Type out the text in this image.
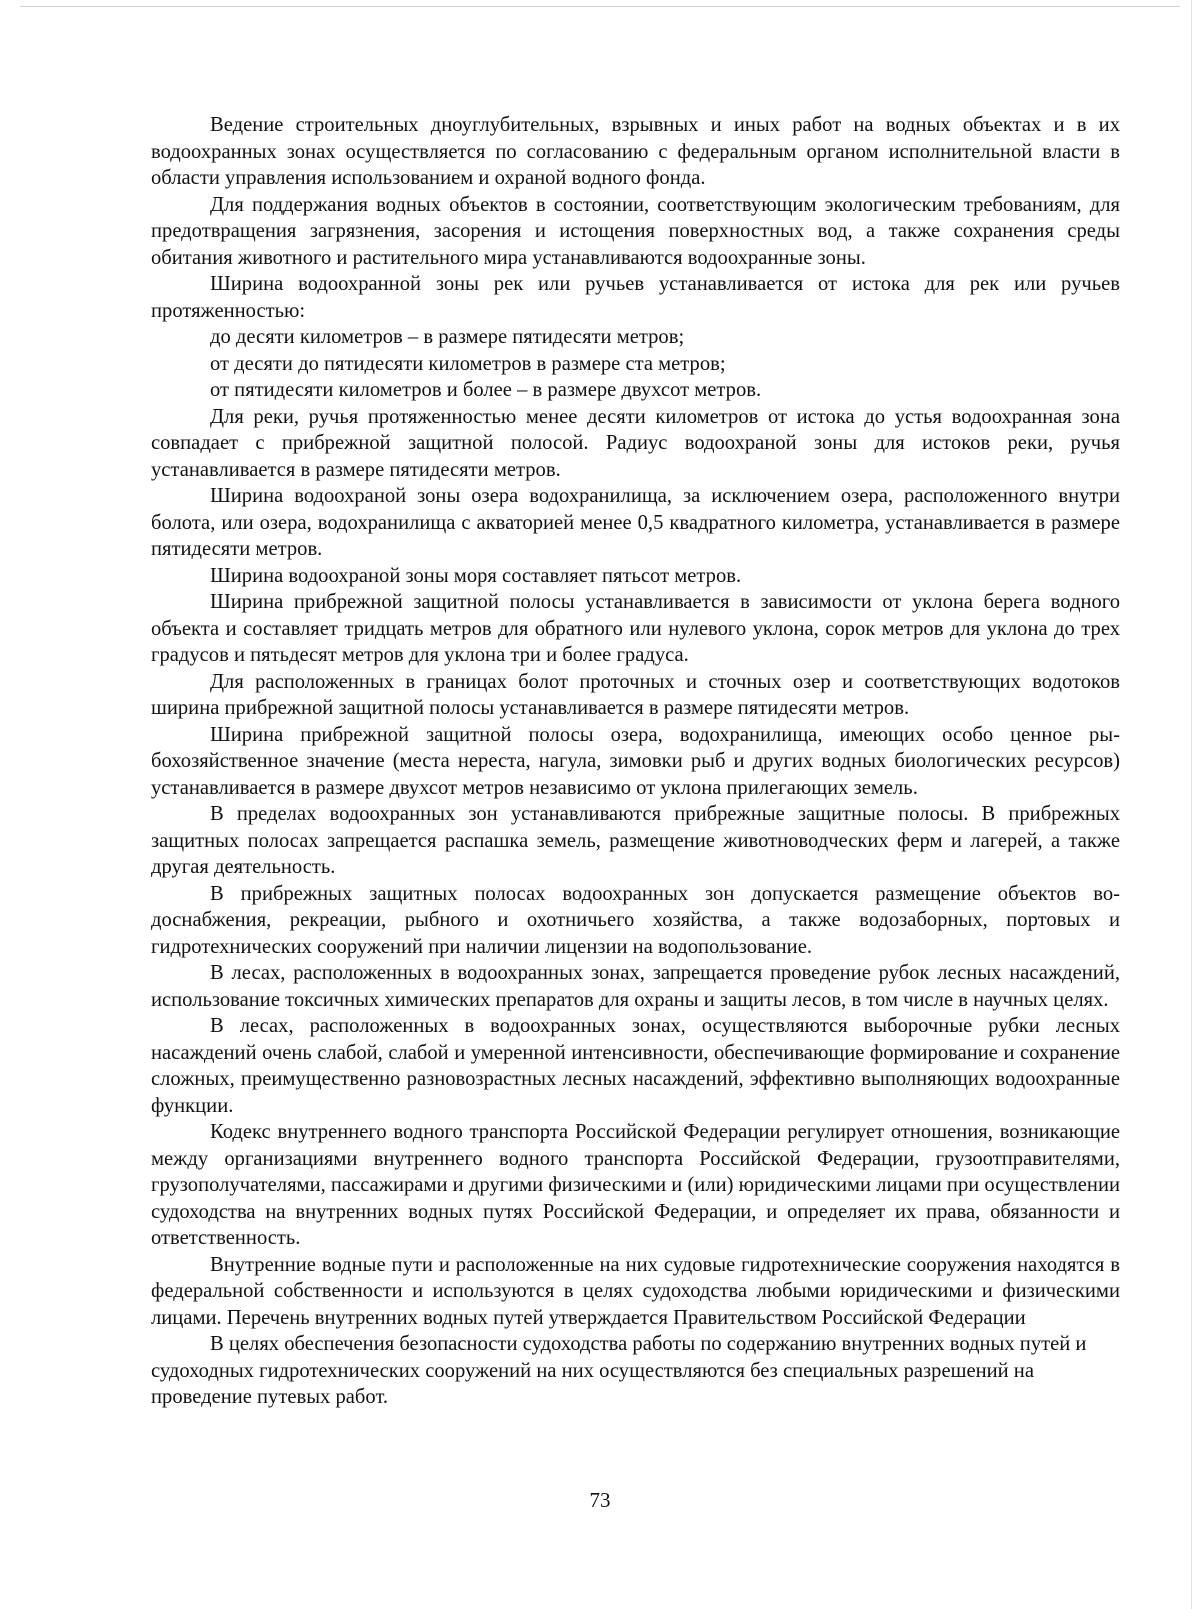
Ведение строительных дноуглубительных, взрывных и иных работ на водных объектах и в их водоохранных зонах осуществляется по согласованию с федеральным органом исполнительной власти в области управления использованием и охраной водного фонда.

Для поддержания водных объектов в состоянии, соответствующим экологическим требованиям, для предотвращения загрязнения, засорения и истощения поверхностных вод, а также сохранения среды обитания животного и растительного мира устанавливаются водоохранные зоны.

Ширина водоохранной зоны рек или ручьев устанавливается от истока для рек или ручьев протяженностью:

до десяти километров – в размере пятидесяти метров;

от десяти до пятидесяти километров в размере ста метров;

от пятидесяти километров и более – в размере двухсот метров.

Для реки, ручья протяженностью менее десяти километров от истока до устья водоохранная зона совпадает с прибрежной защитной полосой. Радиус водоохраной зоны для истоков реки, ручья устанавливается в размере пятидесяти метров.

Ширина водоохраной зоны озера водохранилища, за исключением озера, расположенного внутри болота, или озера, водохранилища с акваторией менее 0,5 квадратного километра, устанавливается в размере пятидесяти метров.

Ширина водоохраной зоны моря составляет пятьсот метров.

Ширина прибрежной защитной полосы устанавливается в зависимости от уклона берега водного объекта и составляет тридцать метров для обратного или нулевого уклона, сорок метров для уклона до трех градусов и пятьдесят метров для уклона три и более градуса.

Для расположенных в границах болот проточных и сточных озер и соответствующих водотоков ширина прибрежной защитной полосы устанавливается в размере пятидесяти метров.

Ширина прибрежной защитной полосы озера, водохранилища, имеющих особо ценное рыбохозяйственное значение (места нереста, нагула, зимовки рыб и других водных биологических ресурсов) устанавливается в размере двухсот метров независимо от уклона прилегающих земель.

В пределах водоохранных зон устанавливаются прибрежные защитные полосы. В прибрежных защитных полосах запрещается распашка земель, размещение животноводческих ферм и лагерей, а также другая деятельность.

В прибрежных защитных полосах водоохранных зон допускается размещение объектов водоснабжения, рекреации, рыбного и охотничьего хозяйства, а также водозаборных, портовых и гидротехнических сооружений при наличии лицензии на водопользование.

В лесах, расположенных в водоохранных зонах, запрещается проведение рубок лесных насаждений, использование токсичных химических препаратов для охраны и защиты лесов, в том числе в научных целях.

В лесах, расположенных в водоохранных зонах, осуществляются выборочные рубки лесных насаждений очень слабой, слабой и умеренной интенсивности, обеспечивающие формирование и сохранение сложных, преимущественно разновозрастных лесных насаждений, эффективно выполняющих водоохранные функции.

Кодекс внутреннего водного транспорта Российской Федерации регулирует отношения, возникающие между организациями внутреннего водного транспорта Российской Федерации, грузоотправителями, грузополучателями, пассажирами и другими физическими и (или) юридическими лицами при осуществлении судоходства на внутренних водных путях Российской Федерации, и определяет их права, обязанности и ответственность.

Внутренние водные пути и расположенные на них судовые гидротехнические сооружения находятся в федеральной собственности и используются в целях судоходства любыми юридическими и физическими лицами. Перечень внутренних водных путей утверждается Правительством Российской Федерации

В целях обеспечения безопасности судоходства работы по содержанию внутренних водных путей и судоходных гидротехнических сооружений на них осуществляются без специальных разрешений на проведение путевых работ.

73
